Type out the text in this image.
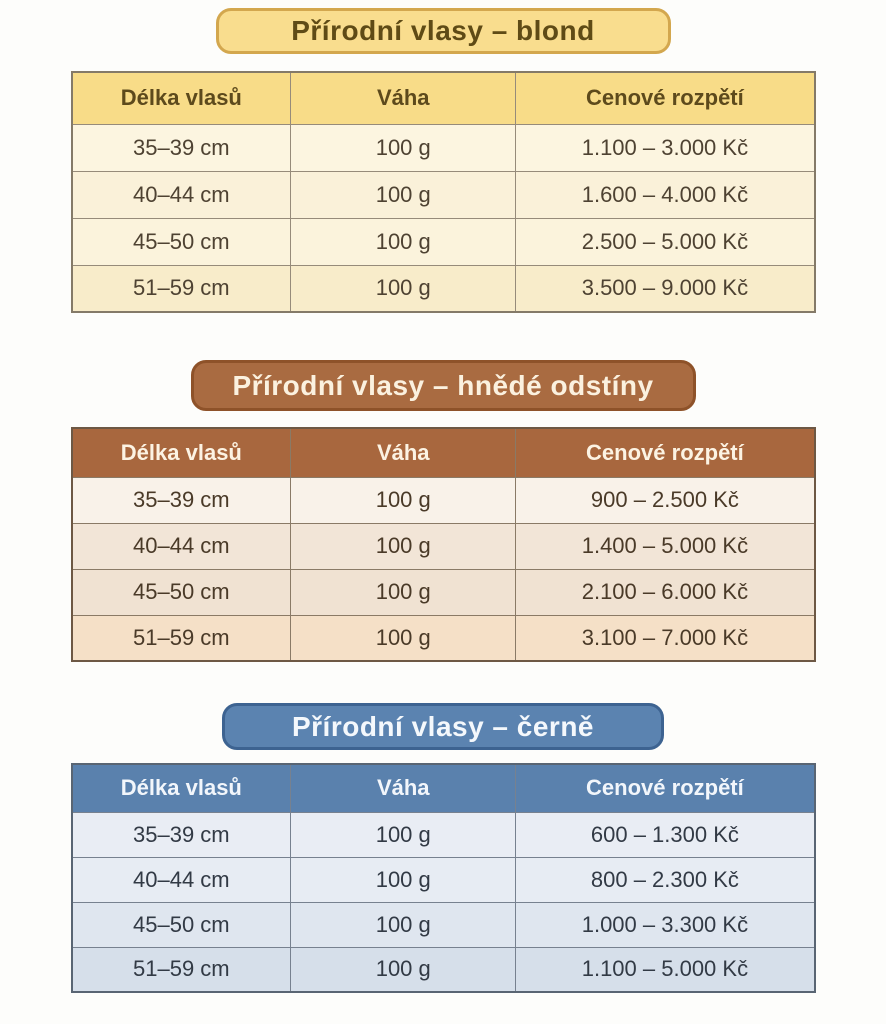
Přírodní vlasy – blond
Délka vlasů	Váha	Cenové rozpětí
35–39 cm	100 g	1.100 – 3.000 Kč
40–44 cm	100 g	1.600 – 4.000 Kč
45–50 cm	100 g	2.500 – 5.000 Kč
51–59 cm	100 g	3.500 – 9.000 Kč
Přírodní vlasy – hnědé odstíny
Délka vlasů	Váha	Cenové rozpětí
35–39 cm	100 g	900 – 2.500 Kč
40–44 cm	100 g	1.400 – 5.000 Kč
45–50 cm	100 g	2.100 – 6.000 Kč
51–59 cm	100 g	3.100 – 7.000 Kč
Přírodní vlasy – černě
Délka vlasů	Váha	Cenové rozpětí
35–39 cm	100 g	600 – 1.300 Kč
40–44 cm	100 g	800 – 2.300 Kč
45–50 cm	100 g	1.000 – 3.300 Kč
51–59 cm	100 g	1.100 – 5.000 Kč
